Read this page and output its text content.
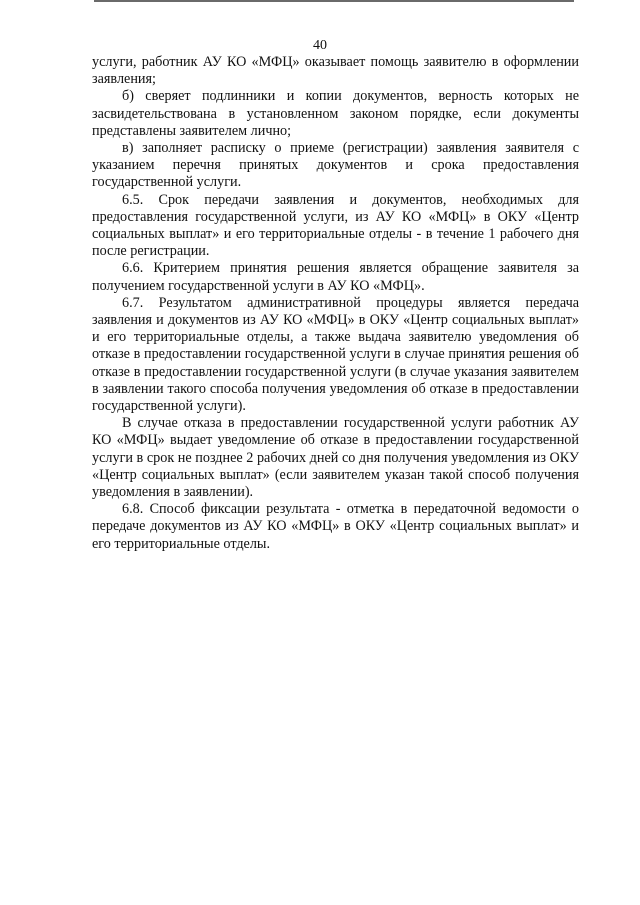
40

услуги, работник АУ КО «МФЦ» оказывает помощь заявителю в оформлении заявления;

б) сверяет подлинники и копии документов, верность которых не засвидетельствована в установленном законом порядке, если документы представлены заявителем лично;

в) заполняет расписку о приеме (регистрации) заявления заявителя с указанием перечня принятых документов и срока предоставления государственной услуги.

6.5. Срок передачи заявления и документов, необходимых для предоставления государственной услуги, из АУ КО «МФЦ» в ОКУ «Центр социальных выплат» и его территориальные отделы - в течение 1 рабочего дня после регистрации.

6.6. Критерием принятия решения является обращение заявителя за получением государственной услуги в АУ КО «МФЦ».

6.7. Результатом административной процедуры является передача заявления и документов из АУ КО «МФЦ» в ОКУ «Центр социальных выплат» и его территориальные отделы, а также выдача заявителю уведомления об отказе в предоставлении государственной услуги в случае принятия решения об отказе в предоставлении государственной услуги (в случае указания заявителем в заявлении такого способа получения уведомления об отказе в предоставлении государственной услуги).

В случае отказа в предоставлении государственной услуги работник АУ КО «МФЦ» выдает уведомление об отказе в предоставлении государственной услуги в срок не позднее 2 рабочих дней со дня получения уведомления из ОКУ «Центр социальных выплат» (если заявителем указан такой способ получения уведомления в заявлении).

6.8. Способ фиксации результата - отметка в передаточной ведомости о передаче документов из АУ КО «МФЦ» в ОКУ «Центр социальных выплат» и его территориальные отделы.
